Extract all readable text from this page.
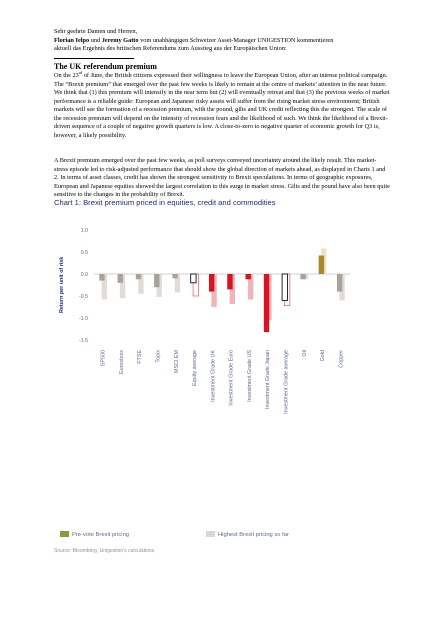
Sehr geehrte Damen und Herren,
Florian Ielpo und Jeremy Gatto vom unabhängigen Schweizer Asset-Manager UNIGESTION kommentieren
aktuell das Ergebnis des britischen Referendums zum Ausstieg aus der Europäischen Union:
The UK referendum premium
On the 23rd of June, the British citizens expressed their willingness to leave the European Union, after an intense political campaign. The “Brexit premium” that emerged over the past few weeks is likely to remain at the centre of markets’ attention in the near future. We think that (1) this premium will intensify in the near term but (2) will eventually retreat and that (3) the previous weeks of market performance is a reliable guide: European and Japanese risky assets will suffer from the rising market stress environment; British markets will see the formation of a recession premium, with the pound, gilts and UK credit reflecting this the strongest. The scale of the recession premium will depend on the intensity of recession fears and the likelihood of such. We think the likelihood of a Brexit-driven sequence of a couple of negative growth quarters is low. A close-to-zero to negative quarter of economic growth for Q3 is, however, a likely possibility.
A Brexit premium emerged over the past few weeks, as poll surveys conveyed uncertainty around the likely result. This market-stress episode led to risk-adjusted performance that should show the global direction of markets ahead, as displayed in Charts 1 and 2. In terms of asset classes, credit has shown the strongest sensitivity to Brexit speculations. In terms of geographic exposures, European and Japanese equities showed the largest correlation to this surge in market stress. Gilts and the pound have also been quite sensitive to the changes in the probability of Brexit.
Chart 1: Brexit premium priced in equities, credit and commodities
Return per unit of risk
1.0
0.5
0.0
-0.5
-1.0
-1.5
SP500 Eurostoxx FTSE Topix MSCI EM Equity average Investment Grade UK Investment Grade Euro Investment Grade US Investment Grade Japan Investment Grade average Oil Gold Copper
Pre-vote Brexit pricing	Highest Brexit pricing so far
Source: Bloomberg, Unigestion's calculations.
